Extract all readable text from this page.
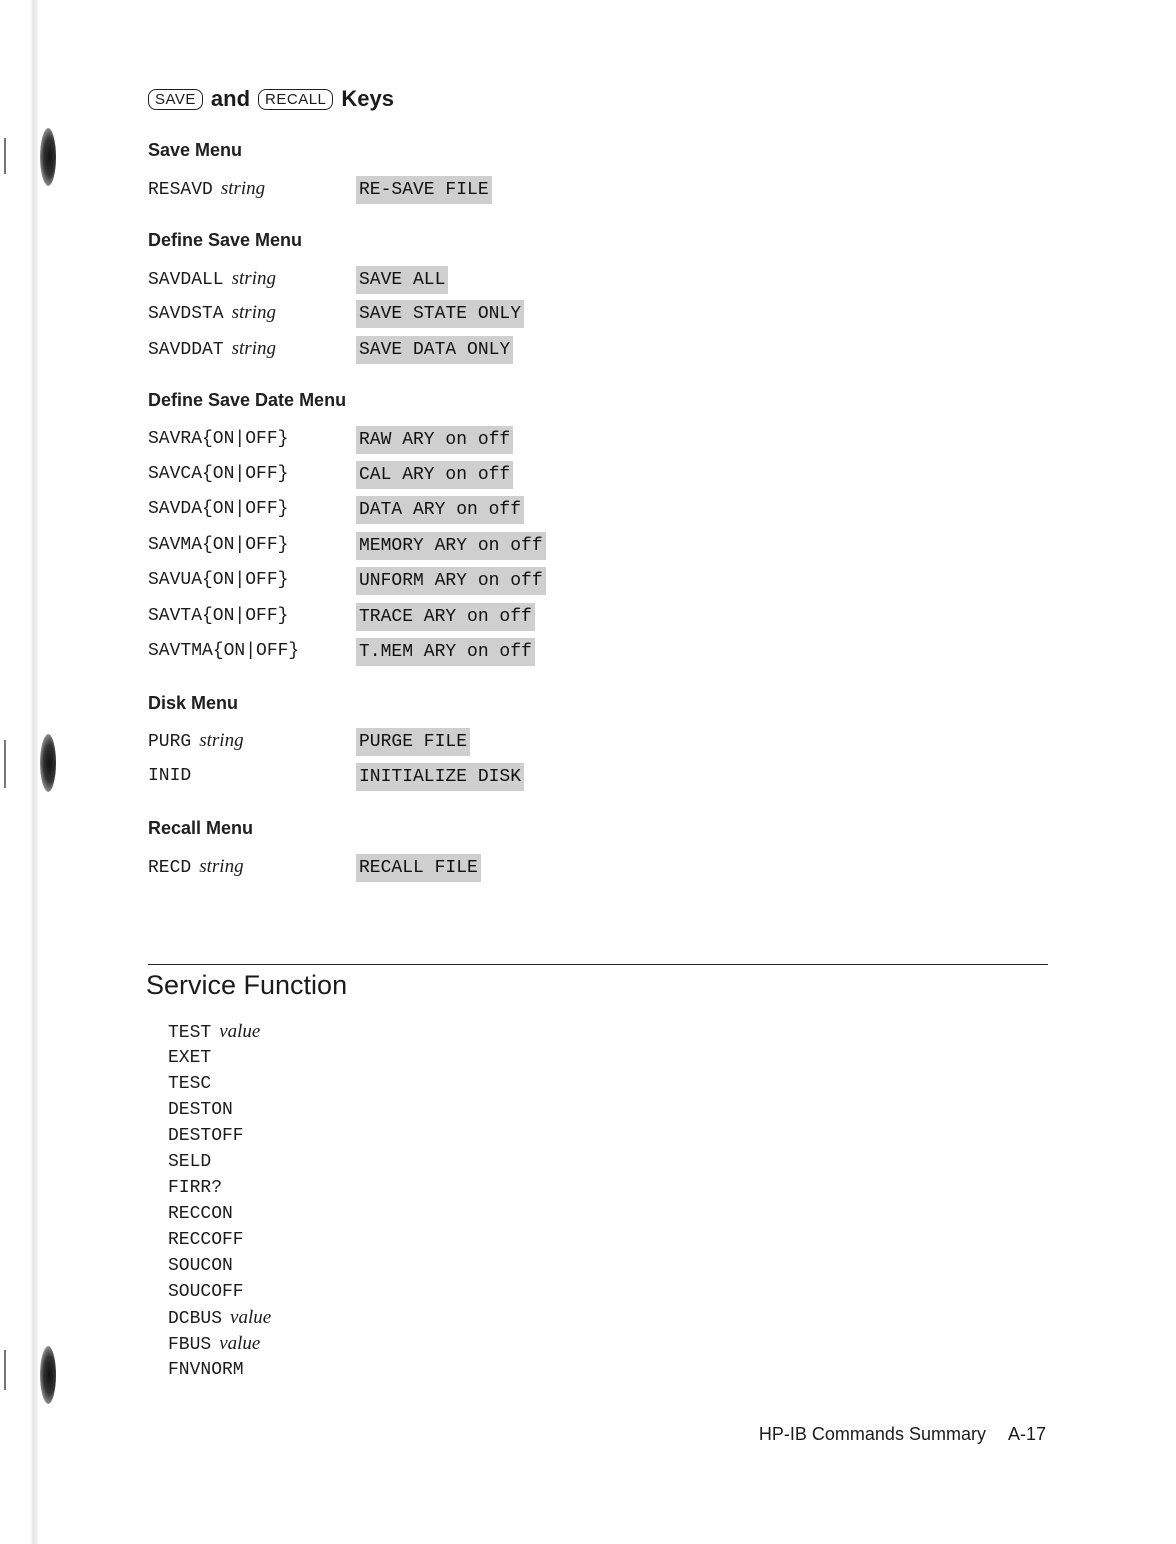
SAVE and	RECALL Keys
Save Menu
RESAVD string	RE-SAVE FILE
Define Save Menu
SAVDALL string	SAVE ALL
SAVDSTA string	SAVE STATE ONLY
SAVDDAT string	SAVE DATA ONLY
Define Save Date Menu
SAVRA{ON|OFF}	RAW ARY on off
SAVCA{ON|OFF}	CAL ARY on off
SAVDA{ON|OFF}	DATA ARY on off
SAVMA{ON|OFF}	MEMORY ARY on off
SAVUA{ON|OFF}	UNFORM ARY on off
SAVTA{ON|OFF}	TRACE ARY on off
SAVTMA{ON|OFF}	T.MEM ARY on off
Disk Menu
PURG string	PURGE FILE
INID	INITIALIZE DISK
Recall Menu
RECD string	RECALL FILE
Service Function
TEST value
EXET
TESC
DESTON
DESTOFF
SELD
FIRR?
RECCON
RECCOFF
SOUCON
SOUCOFF
DCBUS value
FBUS value
FNVNORM
HP-IB Commands Summary A-17
